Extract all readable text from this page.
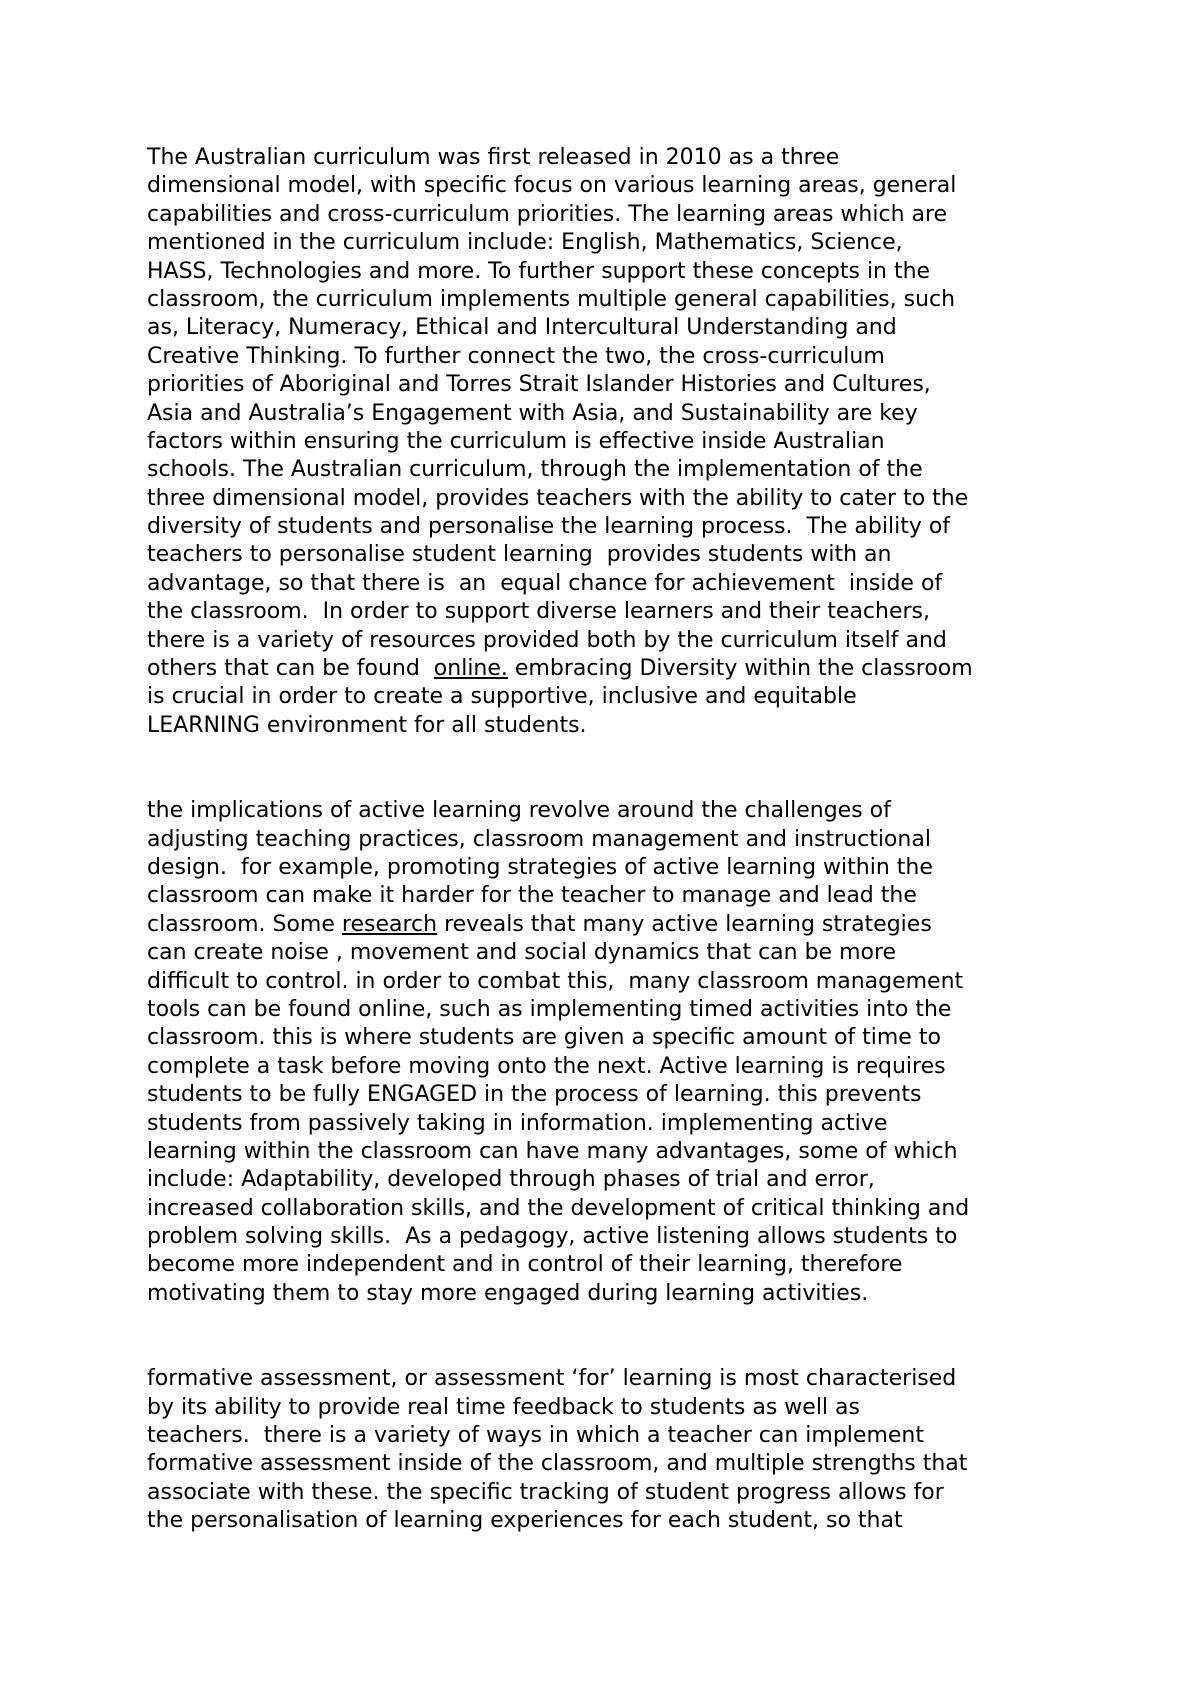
The Australian curriculum was first released in 2010 as a three
dimensional model, with specific focus on various learning areas, general
capabilities and cross-curriculum priorities. The learning areas which are
mentioned in the curriculum include: English, Mathematics, Science,
HASS, Technologies and more. To further support these concepts in the
classroom, the curriculum implements multiple general capabilities, such
as, Literacy, Numeracy, Ethical and Intercultural Understanding and
Creative Thinking. To further connect the two, the cross-curriculum
priorities of Aboriginal and Torres Strait Islander Histories and Cultures,
Asia and Australia’s Engagement with Asia, and Sustainability are key
factors within ensuring the curriculum is effective inside Australian
schools. The Australian curriculum, through the implementation of the
three dimensional model, provides teachers with the ability to cater to the
diversity of students and personalise the learning process.  The ability of
teachers to personalise student learning  provides students with an
advantage, so that there is  an  equal chance for achievement  inside of
the classroom.  In order to support diverse learners and their teachers,
there is a variety of resources provided both by the curriculum itself and
others that can be found  online. embracing Diversity within the classroom
is crucial in order to create a supportive, inclusive and equitable
LEARNING environment for all students.
the implications of active learning revolve around the challenges of
adjusting teaching practices, classroom management and instructional
design.  for example, promoting strategies of active learning within the
classroom can make it harder for the teacher to manage and lead the
classroom. Some research reveals that many active learning strategies
can create noise , movement and social dynamics that can be more
difficult to control. in order to combat this,  many classroom management
tools can be found online, such as implementing timed activities into the
classroom. this is where students are given a specific amount of time to
complete a task before moving onto the next. Active learning is requires
students to be fully ENGAGED in the process of learning. this prevents
students from passively taking in information. implementing active
learning within the classroom can have many advantages, some of which
include: Adaptability, developed through phases of trial and error,
increased collaboration skills, and the development of critical thinking and
problem solving skills.  As a pedagogy, active listening allows students to
become more independent and in control of their learning, therefore
motivating them to stay more engaged during learning activities.
formative assessment, or assessment ‘for’ learning is most characterised
by its ability to provide real time feedback to students as well as
teachers.  there is a variety of ways in which a teacher can implement
formative assessment inside of the classroom, and multiple strengths that
associate with these. the specific tracking of student progress allows for
the personalisation of learning experiences for each student, so that
